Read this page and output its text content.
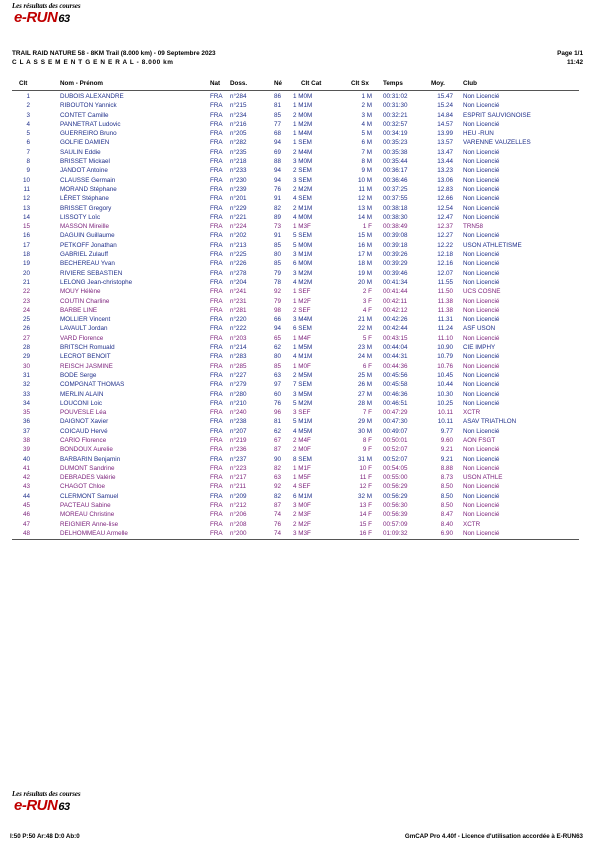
Les résultats des courses
e-RUN63
TRAIL RAID NATURE 58 - 8KM Trail (8.000 km) - 09 Septembre 2023
C L A S S E M E N T G E N E R A L - 8.000 km
Page 1/1
11:42
Clt	Nom - Prénom	Nat Doss.	Né	Clt Cat	Clt Sx Temps	Moy.	Club
1	DUBOIS ALEXANDRE	FRA n°284	86 1 M0M	1 M 00:31:02	15.47 Non Licencié
2	RIBOUTON Yannick	FRA n°215	81 1 M1M	2 M 00:31:30	15.24 Non Licencié
3	CONTET Camille	FRA n°234	85 2 M0M	3 M 00:32:21	14.84 ESPRIT SAUVIGNOISE
4	PANNETRAT Ludovic	FRA n°216	77 1 M2M	4 M 00:32:57	14.57 Non Licencié
5	GUERREIRO Bruno	FRA n°205	68 1 M4M	5 M 00:34:19	13.99 HEU -RUN
6	GOLFIE DAMIEN	FRA n°282	94 1 SEM	6 M 00:35:23	13.57 VARENNE VAUZELLES
7	SAULIN Eddie	FRA n°235	69 2 M4M	7 M 00:35:38	13.47 Non Licencié
8	BRISSET Mickael	FRA n°218	88 3 M0M	8 M 00:35:44	13.44 Non Licencié
9	JANDOT Antoine	FRA n°233	94 2 SEM	9 M 00:36:17	13.23 Non Licencié
10	CLAUSSE Germain	FRA n°230	94 3 SEM	10 M 00:36:46	13.06 Non Licencié
11	MORAND Stéphane	FRA n°239	76 2 M2M	11 M 00:37:25	12.83 Non Licencié
12	LÉRET Stéphane	FRA n°201	91 4 SEM	12 M 00:37:55	12.66 Non Licencié
13	BRISSET Gregory	FRA n°229	82 2 M1M	13 M 00:38:18	12.54 Non Licencié
14	LISSOTY Loïc	FRA n°221	89 4 M0M	14 M 00:38:30	12.47 Non Licencié
15	MASSON Mireille	FRA n°224	73 1 M3F	1 F 00:38:49	12.37 TRN58
16	DAGUIN Guillaume	FRA n°202	91 5 SEM	15 M 00:39:08	12.27 Non Licencié
17	PETKOFF Jonathan	FRA n°213	85 5 M0M	16 M 00:39:18	12.22 USON ATHLETISME
18	GABRIEL Zulauff	FRA n°225	80 3 M1M	17 M 00:39:26	12.18 Non Licencié
19	BECHEREAU Yvan	FRA n°226	85 6 M0M	18 M 00:39:29	12.16 Non Licencié
20	RIVIERE SEBASTIEN	FRA n°278	79 3 M2M	19 M 00:39:46	12.07 Non Licencié
21	LELONG Jean-christophe	FRA n°204	78 4 M2M	20 M 00:41:34	11.55 Non Licencié
22	MOUY Hélène	FRA n°241	92 1 SEF	2 F 00:41:44	11.50 UCS COSNE
23	COUTIN Charline	FRA n°231	79 1 M2F	3 F 00:42:11	11.38 Non Licencié
24	BARBE LINE	FRA n°281	98 2 SEF	4 F 00:42:12	11.38 Non Licencié
25	MOLLIER Vincent	FRA n°220	66 3 M4M	21 M 00:42:26	11.31 Non Licencié
26	LAVAULT Jordan	FRA n°222	94 6 SEM	22 M 00:42:44	11.24 ASF USON
27	VARD Florence	FRA n°203	65 1 M4F	5 F 00:43:15	11.10 Non Licencié
28	BRITSCH Romuald	FRA n°214	62 1 M5M	23 M 00:44:04	10.90 CIE IMPHY
29	LECROT BENOIT	FRA n°283	80 4 M1M	24 M 00:44:31	10.79 Non Licencié
30	REISCH JASMINE	FRA n°285	85 1 M0F	6 F 00:44:36	10.76 Non Licencié
31	BODE Serge	FRA n°227	63 2 M5M	25 M 00:45:56	10.45 Non Licencié
32	COMPGNAT THOMAS	FRA n°279	97 7 SEM	26 M 00:45:58	10.44 Non Licencié
33	MERLIN ALAIN	FRA n°280	60 3 M5M	27 M 00:46:36	10.30 Non Licencié
34	LOUCONI Loic	FRA n°210	76 5 M2M	28 M 00:46:51	10.25 Non Licencié
35	POUVESLE Léa	FRA n°240	96 3 SEF	7 F 00:47:29	10.11 XCTR
36	DAIGNOT Xavier	FRA n°238	81 5 M1M	29 M 00:47:30	10.11 ASAV TRIATHLON
37	COICAUD Hervé	FRA n°207	62 4 M5M	30 M 00:49:07	9.77 Non Licencié
38	CARIO Florence	FRA n°219	67 2 M4F	8 F 00:50:01	9.60 AON FSGT
39	BONDOUX Aurelie	FRA n°236	87 2 M0F	9 F 00:52:07	9.21 Non Licencié
40	BARBARIN Benjamin	FRA n°237	90 8 SEM	31 M 00:52:07	9.21 Non Licencié
41	DUMONT Sandrine	FRA n°223	82 1 M1F	10 F 00:54:05	8.88 Non Licencié
42	DEBRADES Valérie	FRA n°217	63 1 M5F	11 F 00:55:00	8.73 USON ATHLE
43	CHAGOT Chloe	FRA n°211	92 4 SEF	12 F 00:56:29	8.50 Non Licencié
44	CLERMONT Samuel	FRA n°209	82 6 M1M	32 M 00:56:29	8.50 Non Licencié
45	PACTEAU Sabine	FRA n°212	87 3 M0F	13 F 00:56:30	8.50 Non Licencié
46	MOREAU Christine	FRA n°206	74 2 M3F	14 F 00:56:39	8.47 Non Licencié
47	REIGNIER Anne-lise	FRA n°208	76 2 M2F	15 F 00:57:09	8.40 XCTR
48	DELHOMMEAU Armelle	FRA n°200	74 3 M3F	16 F 01:09:32	6.90 Non Licencié
Les résultats des courses
e-RUN63
I:50 P:50 Ar:48 D:0 Ab:0	GmCAP Pro 4.40f - Licence d'utilisation accordée à E-RUN63
